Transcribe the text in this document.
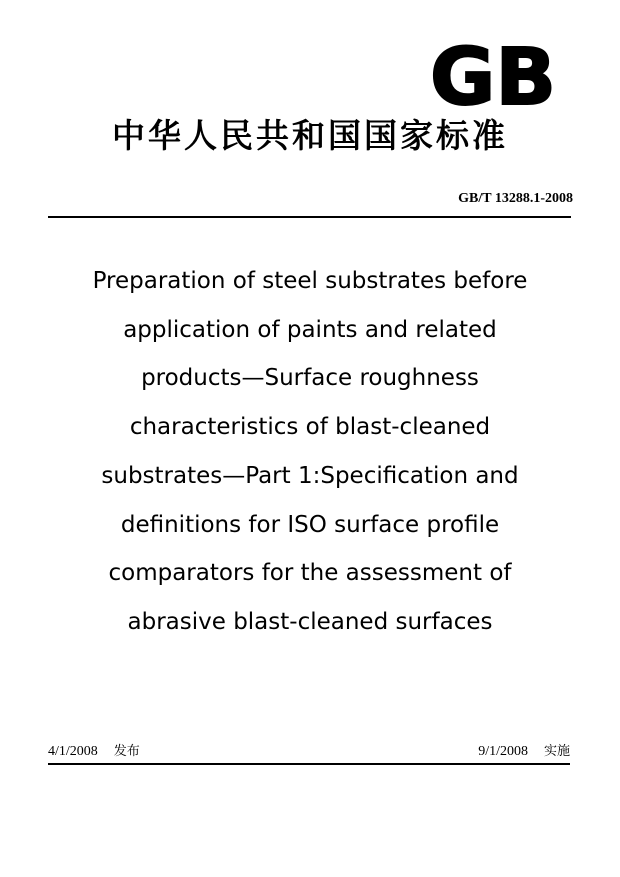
GB
中华人民共和国国家标准
GB/T 13288.1-2008
Preparation of steel substrates before
application of paints and related
products—Surface roughness
characteristics of blast-cleaned
substrates—Part 1:Specification and
definitions for ISO surface profile
comparators for the assessment of
abrasive blast-cleaned surfaces
4/1/2008 发布	9/1/2008 实施
